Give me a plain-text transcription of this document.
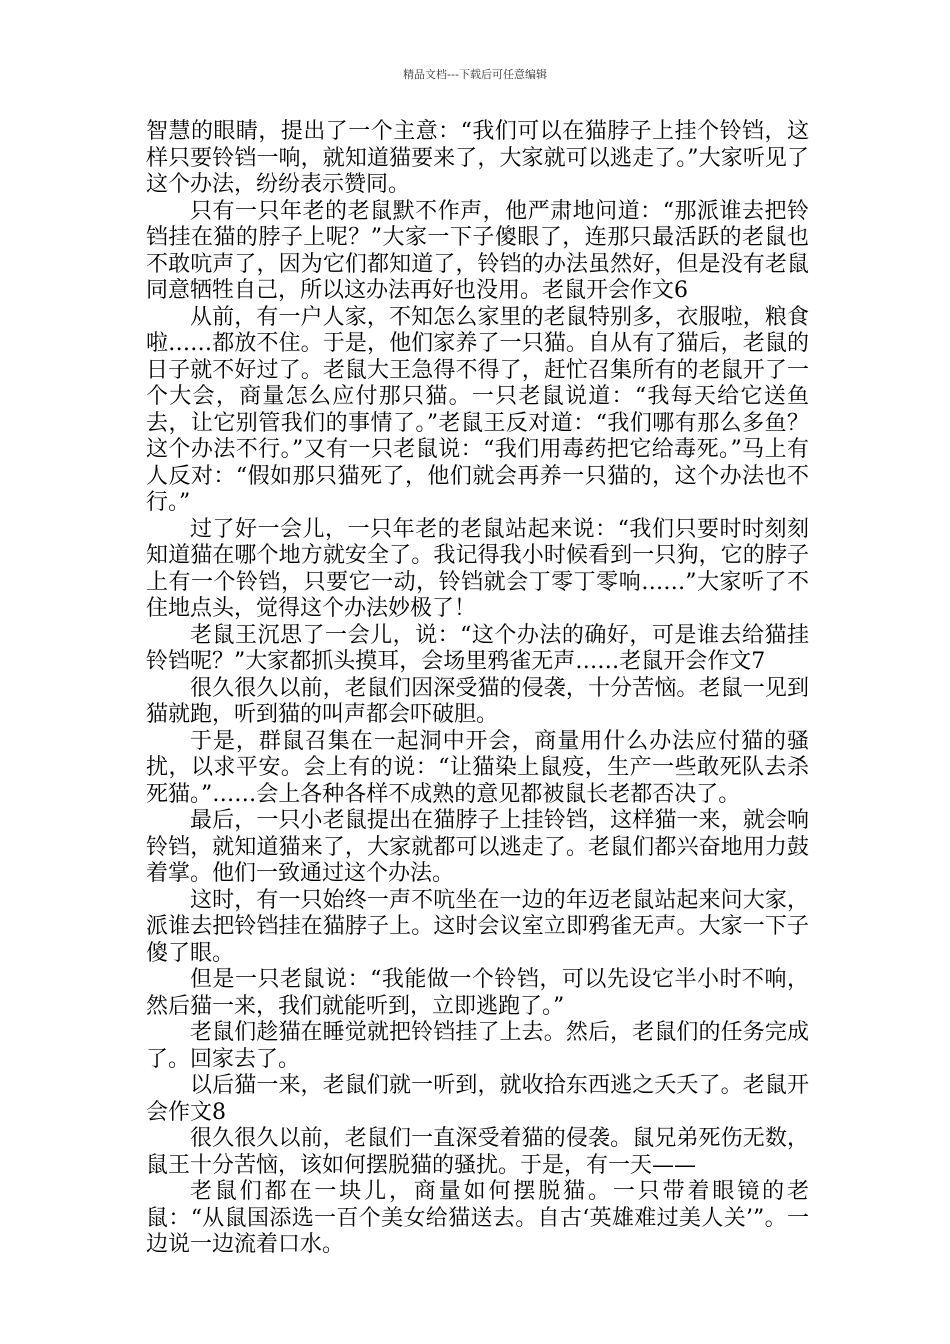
精品文档---下载后可任意编辑

智慧的眼睛，提出了一个主意：“我们可以在猫脖子上挂个铃铛，这样只要铃铛一响，就知道猫要来了，大家就可以逃走了。”大家听见了这个办法，纷纷表示赞同。

只有一只年老的老鼠默不作声，他严肃地问道：“那派谁去把铃铛挂在猫的脖子上呢？”大家一下子傻眼了，连那只最活跃的老鼠也不敢吭声了，因为它们都知道了，铃铛的办法虽然好，但是没有老鼠同意牺牲自己，所以这办法再好也没用。老鼠开会作文6

从前，有一户人家，不知怎么家里的老鼠特别多，衣服啦，粮食啦……都放不住。于是，他们家养了一只猫。自从有了猫后，老鼠的日子就不好过了。老鼠大王急得不得了，赶忙召集所有的老鼠开了一个大会，商量怎么应付那只猫。一只老鼠说道：“我每天给它送鱼去，让它别管我们的事情了。”老鼠王反对道：“我们哪有那么多鱼？这个办法不行。”又有一只老鼠说：“我们用毒药把它给毒死。”马上有人反对：“假如那只猫死了，他们就会再养一只猫的，这个办法也不行。”

过了好一会儿，一只年老的老鼠站起来说：“我们只要时时刻刻知道猫在哪个地方就安全了。我记得我小时候看到一只狗，它的脖子上有一个铃铛，只要它一动，铃铛就会丁零丁零响……”大家听了不住地点头，觉得这个办法妙极了！

老鼠王沉思了一会儿，说：“这个办法的确好，可是谁去给猫挂铃铛呢？”大家都抓头摸耳，会场里鸦雀无声……老鼠开会作文7

很久很久以前，老鼠们因深受猫的侵袭，十分苦恼。老鼠一见到猫就跑，听到猫的叫声都会吓破胆。

于是，群鼠召集在一起洞中开会，商量用什么办法应付猫的骚扰，以求平安。会上有的说：“让猫染上鼠疫，生产一些敢死队去杀死猫。”……会上各种各样不成熟的意见都被鼠长老都否决了。

最后，一只小老鼠提出在猫脖子上挂铃铛，这样猫一来，就会响铃铛，就知道猫来了，大家就都可以逃走了。老鼠们都兴奋地用力鼓着掌。他们一致通过这个办法。

这时，有一只始终一声不吭坐在一边的年迈老鼠站起来问大家，派谁去把铃铛挂在猫脖子上。这时会议室立即鸦雀无声。大家一下子傻了眼。

但是一只老鼠说：“我能做一个铃铛，可以先设它半小时不响，然后猫一来，我们就能听到，立即逃跑了。”

老鼠们趁猫在睡觉就把铃铛挂了上去。然后，老鼠们的任务完成了。回家去了。

以后猫一来，老鼠们就一听到，就收拾东西逃之夭夭了。老鼠开会作文8

很久很久以前，老鼠们一直深受着猫的侵袭。鼠兄弟死伤无数，鼠王十分苦恼，该如何摆脱猫的骚扰。于是，有一天——

老鼠们都在一块儿，商量如何摆脱猫。一只带着眼镜的老鼠：“从鼠国添选一百个美女给猫送去。自古‘英雄难过美人关’”。一边说一边流着口水。
